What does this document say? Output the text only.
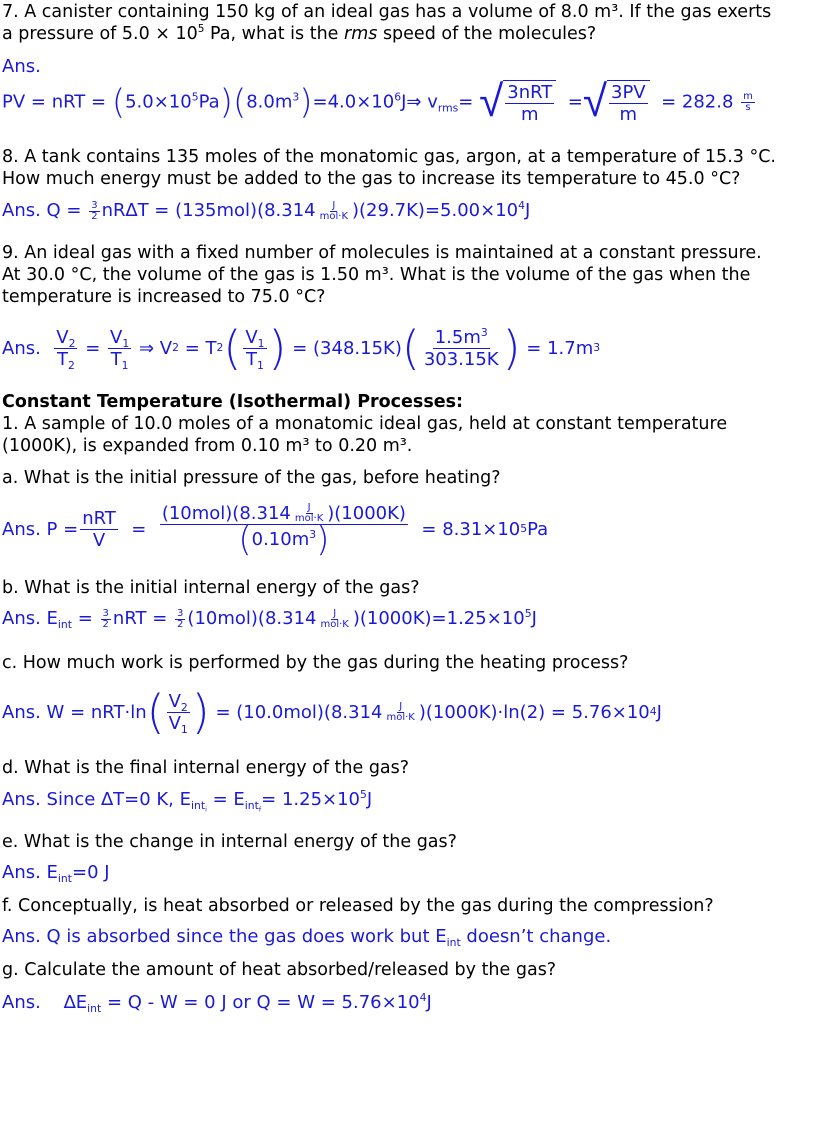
7. A canister containing 150 kg of an ideal gas has a volume of 8.0 m³. If the gas exerts
a pressure of $5.0 \times 10^5$ Pa, what is the rms speed of the molecules?
Ans.
PV = nRT = $(5.0\times 10^5Pa)(8.0m^3)=4.0\times 10^6J\Rightarrow$ $v_{rms}=$ √ $\frac{\text{3nRT}}{m}$ = √ $\frac{3PV}{m} = 282.8 \frac{m}{s}$
8. A tank contains 135 moles of the monatomic gas, argon, at a temperature of 15.3 °C.
How much energy must be added to the gas to increase its temperature to 45.0 °C?
Ans. $Q = \frac{3}{2} nR\Delta T = (135mol)(8.314 \frac{J}{\text{mol·K}} )(29.7K)=5.00\times 10^4J$
9. An ideal gas with a fixed number of molecules is maintained at a constant pressure.
At 30.0 °C, the volume of the gas is 1.50 m³. What is the volume of the gas when the
temperature is increased to 75.0 °C?
Ans.
$\frac{V_2}{T_2} = \frac{V_1}{T_1}$
⇒ V 2
= T 2 ( $\frac{V_1}{T_1}$ )
= (348.15K) ( $\frac{1.5m^3}{303.15K}$ )
= 1.7m 3
Constant Temperature (Isothermal) Processes:
1. A sample of 10.0 moles of a monatomic ideal gas, held at constant temperature
(1000K), is expanded from 0.10 m³ to 0.20 m³.
a. What is the initial pressure of the gas, before heating?
Ans. $P = \frac{\text{nRT}}{V}$
=
$\frac{(10mol)(8.314 \frac{J}{\text{mol·K}} )(1000K)}{(0.10m^3)}$
= 8.31×10 5 Pa
b. What is the initial internal energy of the gas?
Ans. $E_{int} = \frac{3}{2}$ nRT = $\frac{3}{2} (10mol)(8.314 \frac{J}{\text{mol·K}} )(1000K)=1.25\times 10^5J$
c. How much work is performed by the gas during the heating process?
Ans. W = nRT·ln ( $\frac{V_2}{V_1}$ )
= $(10.0mol)(8.314 \frac{J}{\text{mol·K}} )(1000K)\cdot\ln(2) = 5.76\times 10$ 4 J
d. What is the final internal energy of the gas?
Ans. Since ∆T=0 K, $E_{int_i} = E_{int_f}= 1.25\times 10^5J$
e. What is the change in internal energy of the gas?
Ans. $E_{int}=0$ J
f. Conceptually, is heat absorbed or released by the gas during the compression?
Ans. Q is absorbed since the gas does work but $E_{int}$ doesn’t change.
g. Calculate the amount of heat absorbed/released by the gas?
Ans. $\Delta E_{int} = Q - W = 0$ J or $Q = W = 5.76\times 10^4J$
